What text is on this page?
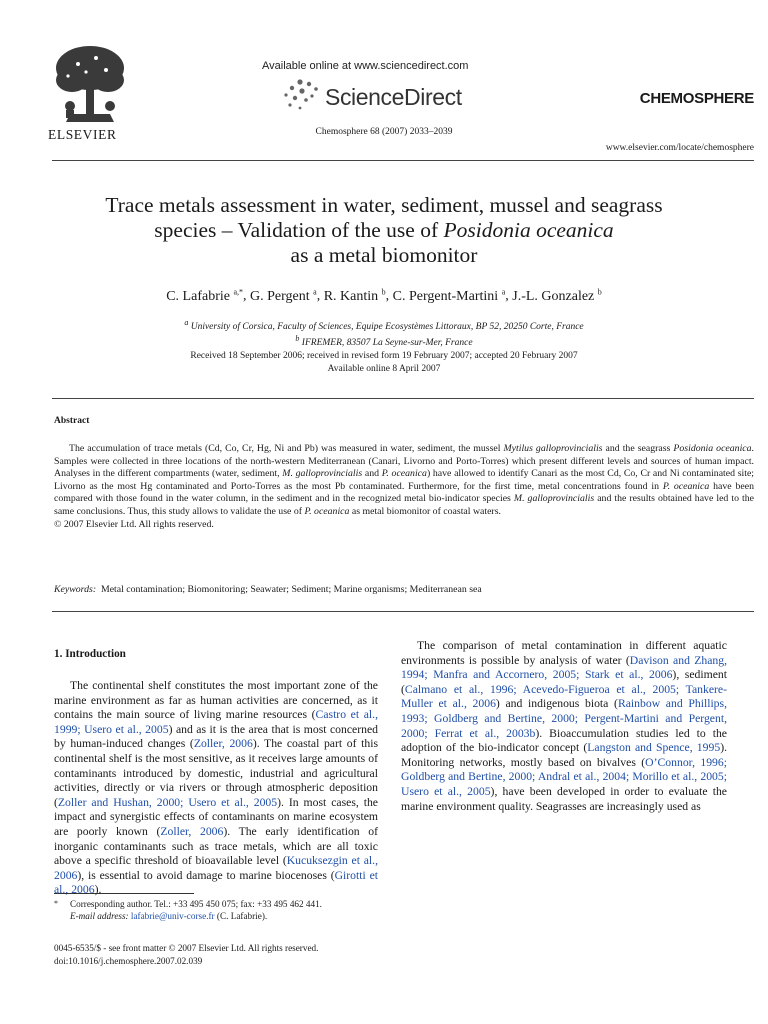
ELSEVIER
Available online at www.sciencedirect.com
ScienceDirect
Chemosphere 68 (2007) 2033–2039
CHEMOSPHERE
www.elsevier.com/locate/chemosphere
Trace metals assessment in water, sediment, mussel and seagrass
species – Validation of the use of Posidonia oceanica
as a metal biomonitor
C. Lafabrie $^{a,*}$, G. Pergent $^a$, R. Kantin $^b$, C. Pergent-Martini $^a$, J.-L. Gonzalez $^b$
$^a$ University of Corsica, Faculty of Sciences, Equipe Ecosystèmes Littoraux, BP 52, 20250 Corte, France
$^b$ IFREMER, 83507 La Seyne-sur-Mer, France
Received 18 September 2006; received in revised form 19 February 2007; accepted 20 February 2007
Available online 8 April 2007
Abstract

The accumulation of trace metals (Cd, Co, Cr, Hg, Ni and Pb) was measured in water, sediment, the mussel Mytilus galloprovincialis and the seagrass Posidonia oceanica. Samples were collected in three locations of the north-western Mediterranean (Canari, Livorno and Porto-Torres) which present different levels and sources of human impact. Analyses in the different compartments (water, sediment, M. galloprovincialis and P. oceanica) have allowed to identify Canari as the most Cd, Co, Cr and Ni contaminated site; Livorno as the most Hg contaminated and Porto-Torres as the most Pb contaminated. Furthermore, for the first time, metal concentrations found in P. oceanica have been compared with those found in the water column, in the sediment and in the recognized metal bio-indicator species M. galloprovincialis and the results obtained have led to the same conclusions. Thus, this study allows to validate the use of P. oceanica as metal biomonitor of coastal waters.

© 2007 Elsevier Ltd. All rights reserved.

Keywords: Metal contamination; Biomonitoring; Seawater; Sediment; Marine organisms; Mediterranean sea
1. Introduction

The continental shelf constitutes the most important zone of the marine environment as far as human activities are concerned, as it contains the main source of living marine resources (Castro et al., 1999; Usero et al., 2005) and as it is the area that is most concerned by human-induced changes (Zoller, 2006). The coastal part of this continental shelf is the most sensitive, as it receives large amounts of contaminants introduced by domestic, industrial and agricultural activities, directly or via rivers or through atmospheric deposition (Zoller and Hushan, 2000; Usero et al., 2005). In most cases, the impact and synergistic effects of contaminants on marine ecosystem are poorly known (Zoller, 2006). The early identification of inorganic contaminants such as trace metals, which are all toxic above a specific threshold of bioavailable level (Kucuksezgin et al., 2006), is essential to avoid damage to marine biocenoses (Girotti et al., 2006).

* Corresponding author. Tel.: +33 495 450 075; fax: +33 495 462 441.
E-mail address: lafabrie@univ-corse.fr (C. Lafabrie).
0045-6535/$ - see front matter © 2007 Elsevier Ltd. All rights reserved.
doi:10.1016/j.chemosphere.2007.02.039

The comparison of metal contamination in different aquatic environments is possible by analysis of water (Davison and Zhang, 1994; Manfra and Accornero, 2005; Stark et al., 2006), sediment (Calmano et al., 1996; Acevedo-Figueroa et al., 2005; Tankere-Muller et al., 2006) and indigenous biota (Rainbow and Phillips, 1993; Goldberg and Bertine, 2000; Pergent-Martini and Pergent, 2000; Ferrat et al., 2003b). Bioaccumulation studies led to the adoption of the bio-indicator concept (Langston and Spence, 1995). Monitoring networks, mostly based on bivalves (O’Connor, 1996; Goldberg and Bertine, 2000; Andral et al., 2004; Morillo et al., 2005; Usero et al., 2005), have been developed in order to evaluate the marine environment quality. Seagrasses are increasingly used as
